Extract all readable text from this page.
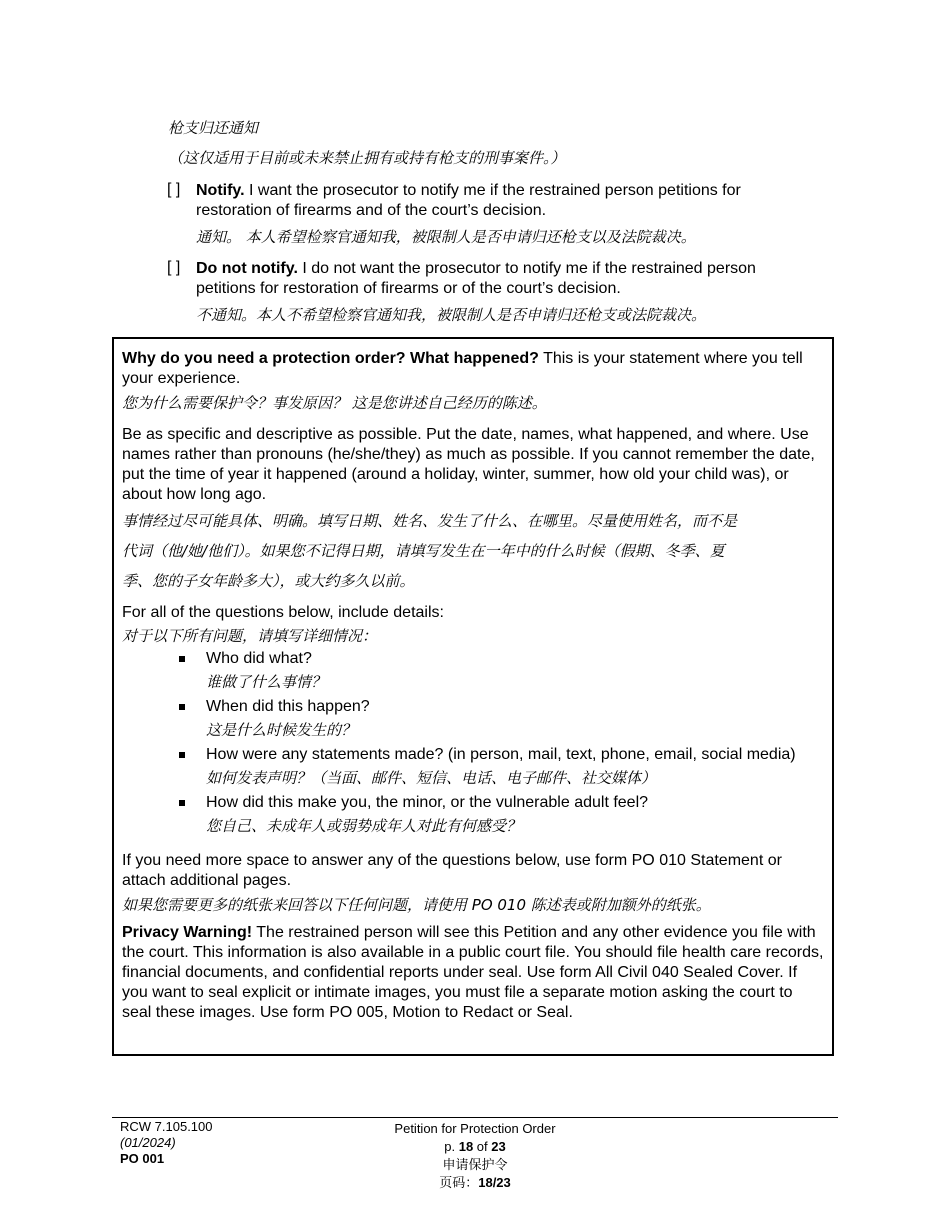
枪支归还通知
（这仅适用于目前或未来禁止拥有或持有枪支的刑事案件。）
[ ] Notify. I want the prosecutor to notify me if the restrained person petitions for restoration of firearms and of the court’s decision.
通知。 本人希望检察官通知我，被限制人是否申请归还枪支以及法院裁决。
[ ] Do not notify. I do not want the prosecutor to notify me if the restrained person petitions for restoration of firearms or of the court’s decision.
不通知。本人不希望检察官通知我，被限制人是否申请归还枪支或法院裁决。

Why do you need a protection order? What happened? This is your statement where you tell your experience.

您为什么需要保护令？事发原因？ 这是您讲述自己经历的陈述。

Be as specific and descriptive as possible. Put the date, names, what happened, and where. Use names rather than pronouns (he/she/they) as much as possible. If you cannot remember the date, put the time of year it happened (around a holiday, winter, summer, how old your child was), or about how long ago.

事情经过尽可能具体、明确。填写日期、姓名、发生了什么、在哪里。尽量使用姓名，而不是

代词（他/她/他们）。如果您不记得日期，请填写发生在一年中的什么时候（假期、冬季、夏

季、您的子女年龄多大），或大约多久以前。

For all of the questions below, include details:

对于以下所有问题，请填写详细情况：

Who did what?
谁做了什么事情？
When did this happen?
这是什么时候发生的？
How were any statements made? (in person, mail, text, phone, email, social media)
如何发表声明？（当面、邮件、短信、电话、电子邮件、社交媒体）
How did this make you, the minor, or the vulnerable adult feel?
您自己、未成年人或弱势成年人对此有何感受？

If you need more space to answer any of the questions below, use form PO 010 Statement or attach additional pages.

如果您需要更多的纸张来回答以下任何问题，请使用 PO 010 陈述表或附加额外的纸张。

Privacy Warning! The restrained person will see this Petition and any other evidence you file with the court. This information is also available in a public court file. You should file health care records, financial documents, and confidential reports under seal. Use form All Civil 040 Sealed Cover. If you want to seal explicit or intimate images, you must file a separate motion asking the court to seal these images. Use form PO 005, Motion to Redact or Seal.

RCW 7.105.100
(01/2024)
PO 001
Petition for Protection Order
p. 18 of 23
申请保护令
页码：18/23
